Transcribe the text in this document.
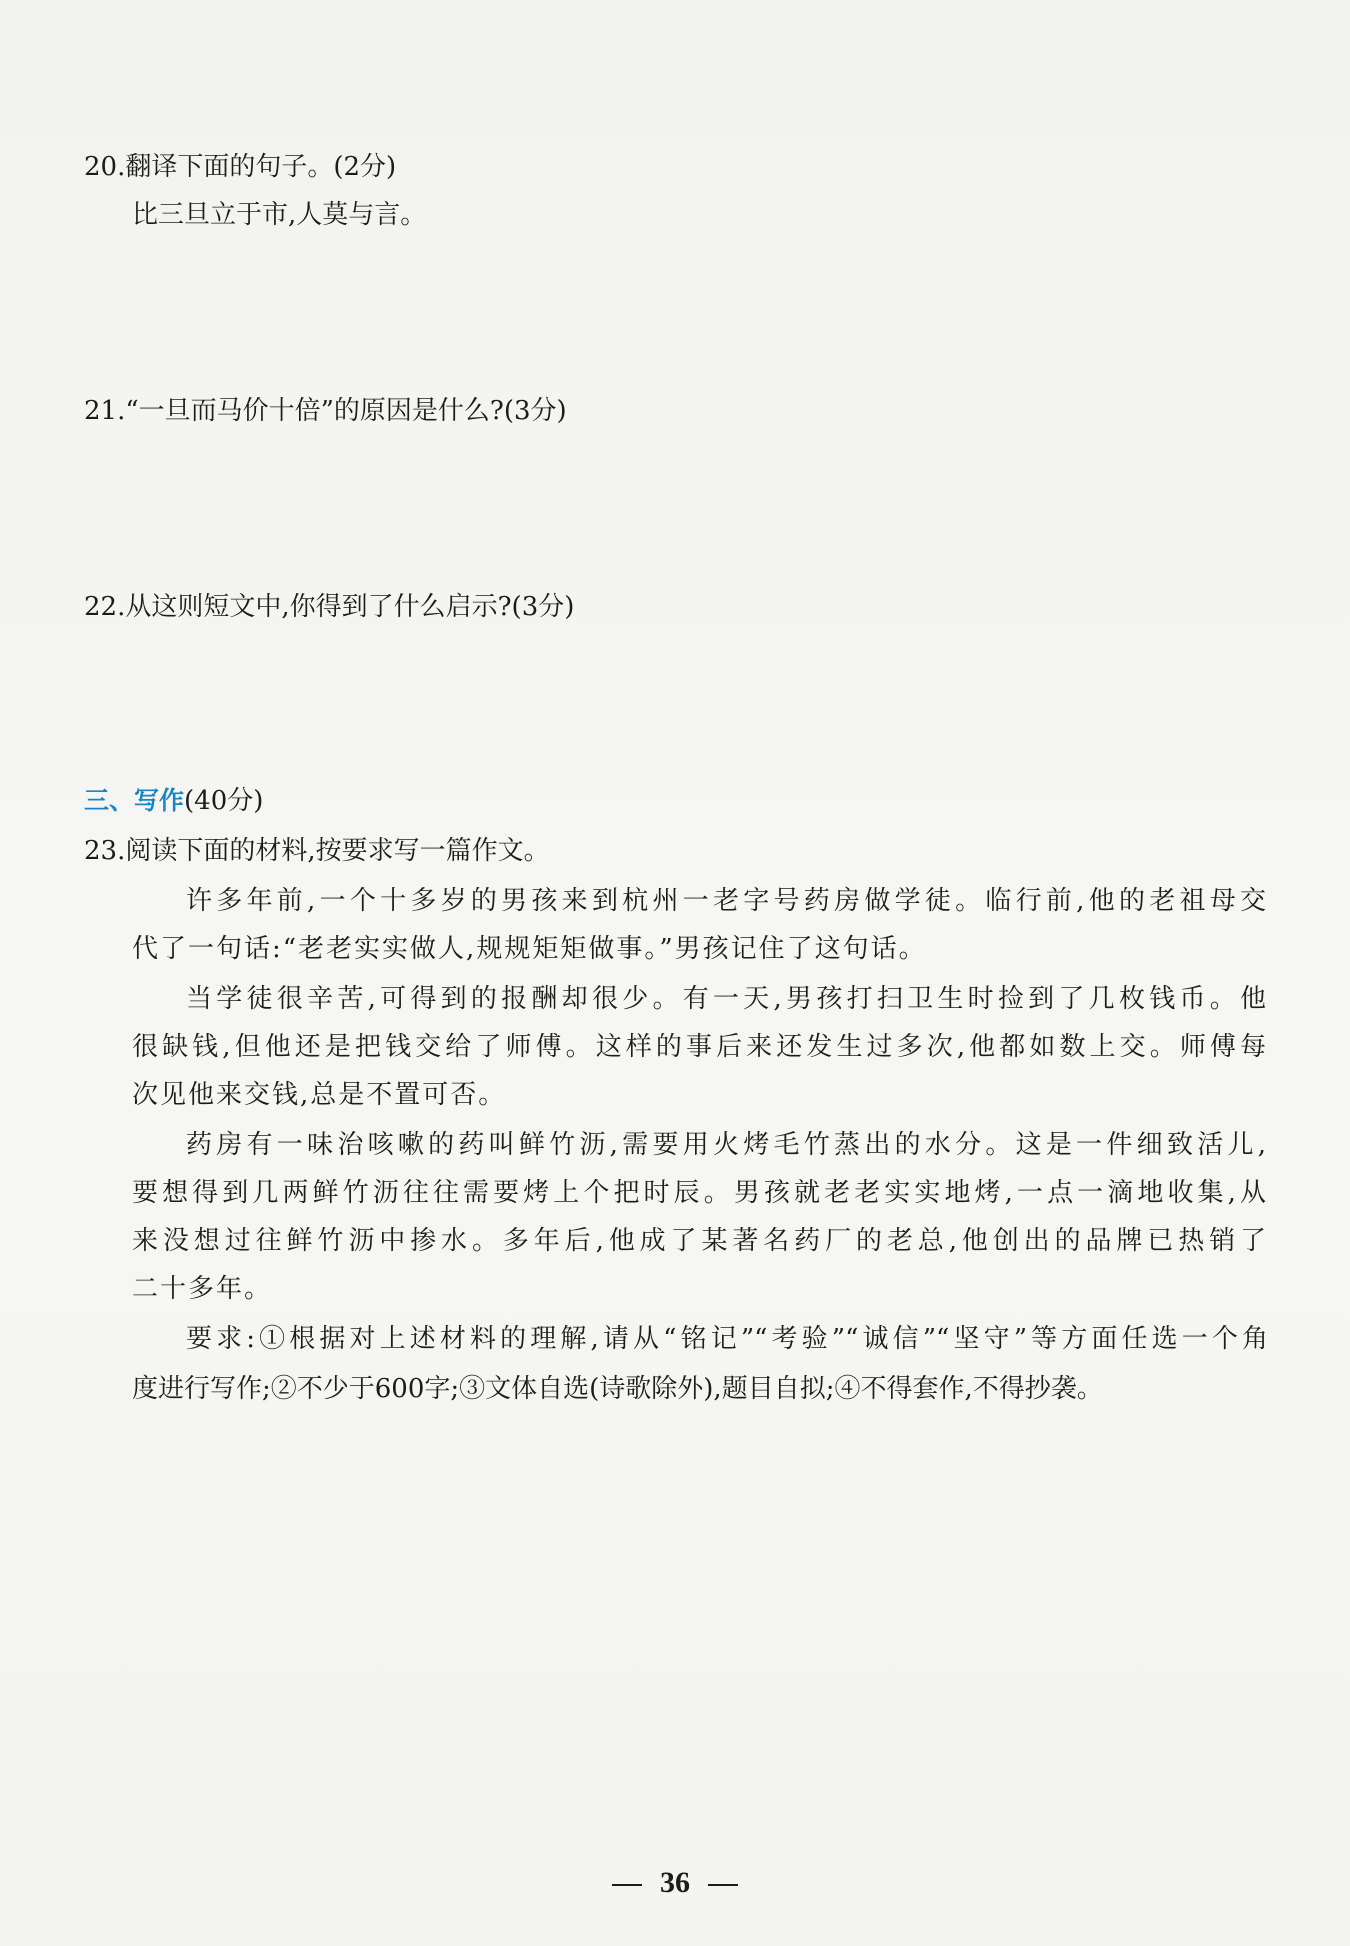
20.翻译下面的句子。(2分)
比三旦立于市,人莫与言。
21.“一旦而马价十倍”的原因是什么?(3分)
22.从这则短文中,你得到了什么启示?(3分)
三、写作(40分)
23.阅读下面的材料,按要求写一篇作文。
许多年前,一个十多岁的男孩来到杭州一老字号药房做学徒。临行前,他的老祖母交
代了一句话:“老老实实做人,规规矩矩做事。”男孩记住了这句话。
当学徒很辛苦,可得到的报酬却很少。有一天,男孩打扫卫生时捡到了几枚钱币。他
很缺钱,但他还是把钱交给了师傅。这样的事后来还发生过多次,他都如数上交。师傅每
次见他来交钱,总是不置可否。
药房有一味治咳嗽的药叫鲜竹沥,需要用火烤毛竹蒸出的水分。这是一件细致活儿,
要想得到几两鲜竹沥往往需要烤上个把时辰。男孩就老老实实地烤,一点一滴地收集,从
来没想过往鲜竹沥中掺水。多年后,他成了某著名药厂的老总,他创出的品牌已热销了
二十多年。
要求:①根据对上述材料的理解,请从“铭记”“考验”“诚信”“坚守”等方面任选一个角
度进行写作;②不少于600字;③文体自选(诗歌除外),题目自拟;④不得套作,不得抄袭。
36
